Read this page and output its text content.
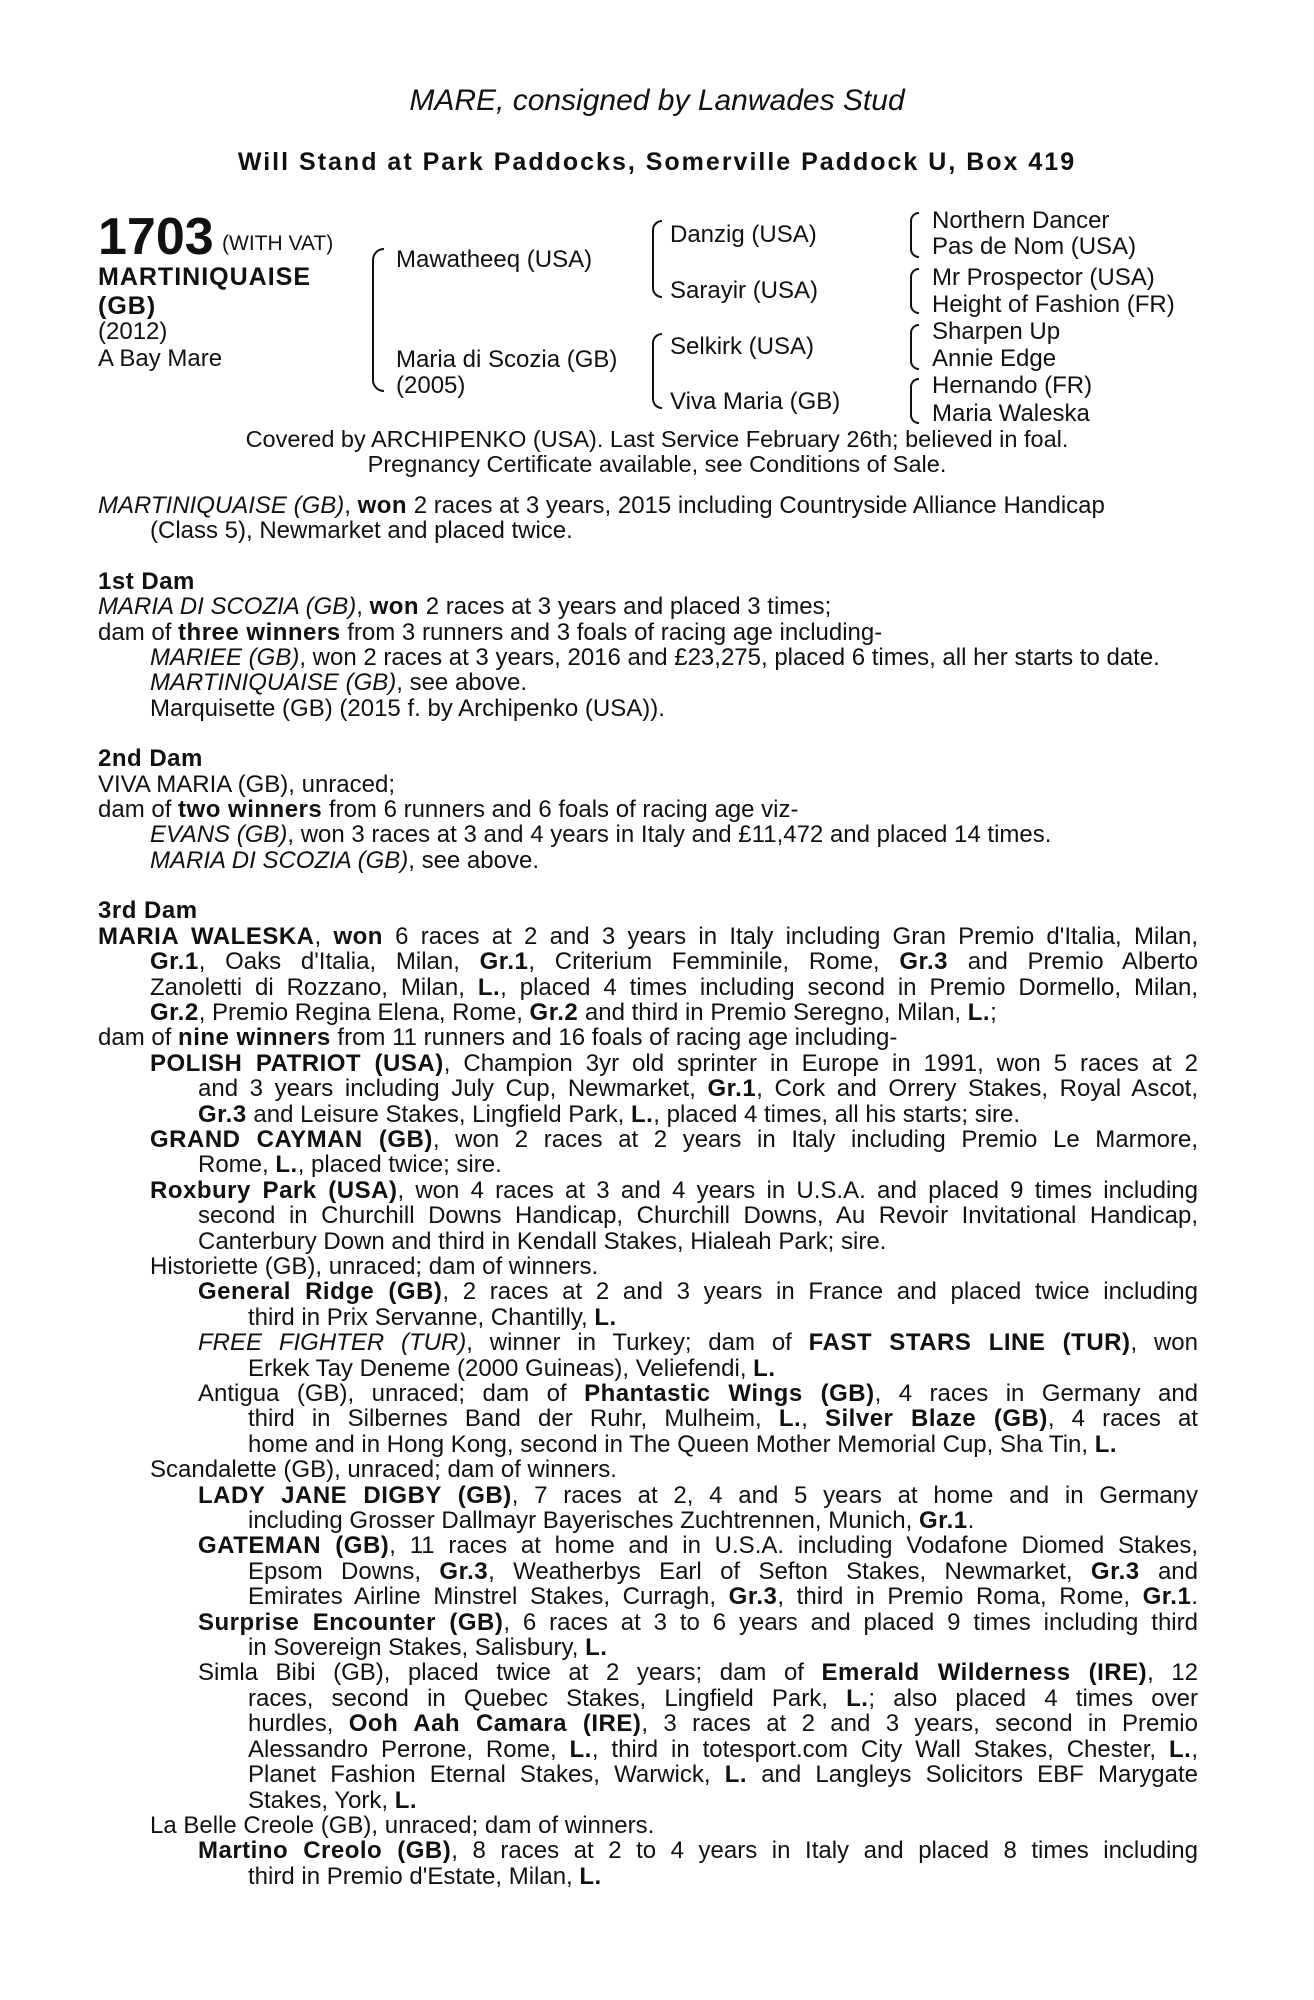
MARE, consigned by Lanwades Stud
Will Stand at Park Paddocks, Somerville Paddock U, Box 419
1703 (WITH VAT)
MARTINIQUAISE
(GB)
(2012)
A Bay Mare
Mawatheeq (USA)
Maria di Scozia (GB)
(2005)
Danzig (USA)
Sarayir (USA)
Selkirk (USA)
Viva Maria (GB)
Northern Dancer
Pas de Nom (USA)
Mr Prospector (USA)
Height of Fashion (FR)
Sharpen Up
Annie Edge
Hernando (FR)
Maria Waleska
Covered by ARCHIPENKO (USA). Last Service February 26th; believed in foal.
Pregnancy Certificate available, see Conditions of Sale.
MARTINIQUAISE (GB), won 2 races at 3 years, 2015 including Countryside Alliance Handicap
(Class 5), Newmarket and placed twice.
1st Dam
MARIA DI SCOZIA (GB), won 2 races at 3 years and placed 3 times;
dam of three winners from 3 runners and 3 foals of racing age including-
MARIEE (GB), won 2 races at 3 years, 2016 and £23,275, placed 6 times, all her starts to date.
MARTINIQUAISE (GB), see above.
Marquisette (GB) (2015 f. by Archipenko (USA)).
2nd Dam
VIVA MARIA (GB), unraced;
dam of two winners from 6 runners and 6 foals of racing age viz-
EVANS (GB), won 3 races at 3 and 4 years in Italy and £11,472 and placed 14 times.
MARIA DI SCOZIA (GB), see above.
3rd Dam
MARIA WALESKA, won 6 races at 2 and 3 years in Italy including Gran Premio d'Italia, Milan,
Gr.1, Oaks d'Italia, Milan, Gr.1, Criterium Femminile, Rome, Gr.3 and Premio Alberto
Zanoletti di Rozzano, Milan, L., placed 4 times including second in Premio Dormello, Milan,
Gr.2, Premio Regina Elena, Rome, Gr.2 and third in Premio Seregno, Milan, L.;
dam of nine winners from 11 runners and 16 foals of racing age including-
POLISH PATRIOT (USA), Champion 3yr old sprinter in Europe in 1991, won 5 races at 2
and 3 years including July Cup, Newmarket, Gr.1, Cork and Orrery Stakes, Royal Ascot,
Gr.3 and Leisure Stakes, Lingfield Park, L., placed 4 times, all his starts; sire.
GRAND CAYMAN (GB), won 2 races at 2 years in Italy including Premio Le Marmore,
Rome, L., placed twice; sire.
Roxbury Park (USA), won 4 races at 3 and 4 years in U.S.A. and placed 9 times including
second in Churchill Downs Handicap, Churchill Downs, Au Revoir Invitational Handicap,
Canterbury Down and third in Kendall Stakes, Hialeah Park; sire.
Historiette (GB), unraced; dam of winners.
General Ridge (GB), 2 races at 2 and 3 years in France and placed twice including
third in Prix Servanne, Chantilly, L.
FREE FIGHTER (TUR), winner in Turkey; dam of FAST STARS LINE (TUR), won
Erkek Tay Deneme (2000 Guineas), Veliefendi, L.
Antigua (GB), unraced; dam of Phantastic Wings (GB), 4 races in Germany and
third in Silbernes Band der Ruhr, Mulheim, L., Silver Blaze (GB), 4 races at
home and in Hong Kong, second in The Queen Mother Memorial Cup, Sha Tin, L.
Scandalette (GB), unraced; dam of winners.
LADY JANE DIGBY (GB), 7 races at 2, 4 and 5 years at home and in Germany
including Grosser Dallmayr Bayerisches Zuchtrennen, Munich, Gr.1.
GATEMAN (GB), 11 races at home and in U.S.A. including Vodafone Diomed Stakes,
Epsom Downs, Gr.3, Weatherbys Earl of Sefton Stakes, Newmarket, Gr.3 and
Emirates Airline Minstrel Stakes, Curragh, Gr.3, third in Premio Roma, Rome, Gr.1.
Surprise Encounter (GB), 6 races at 3 to 6 years and placed 9 times including third
in Sovereign Stakes, Salisbury, L.
Simla Bibi (GB), placed twice at 2 years; dam of Emerald Wilderness (IRE), 12
races, second in Quebec Stakes, Lingfield Park, L.; also placed 4 times over
hurdles, Ooh Aah Camara (IRE), 3 races at 2 and 3 years, second in Premio
Alessandro Perrone, Rome, L., third in totesport.com City Wall Stakes, Chester, L.,
Planet Fashion Eternal Stakes, Warwick, L. and Langleys Solicitors EBF Marygate
Stakes, York, L.
La Belle Creole (GB), unraced; dam of winners.
Martino Creolo (GB), 8 races at 2 to 4 years in Italy and placed 8 times including
third in Premio d'Estate, Milan, L.
